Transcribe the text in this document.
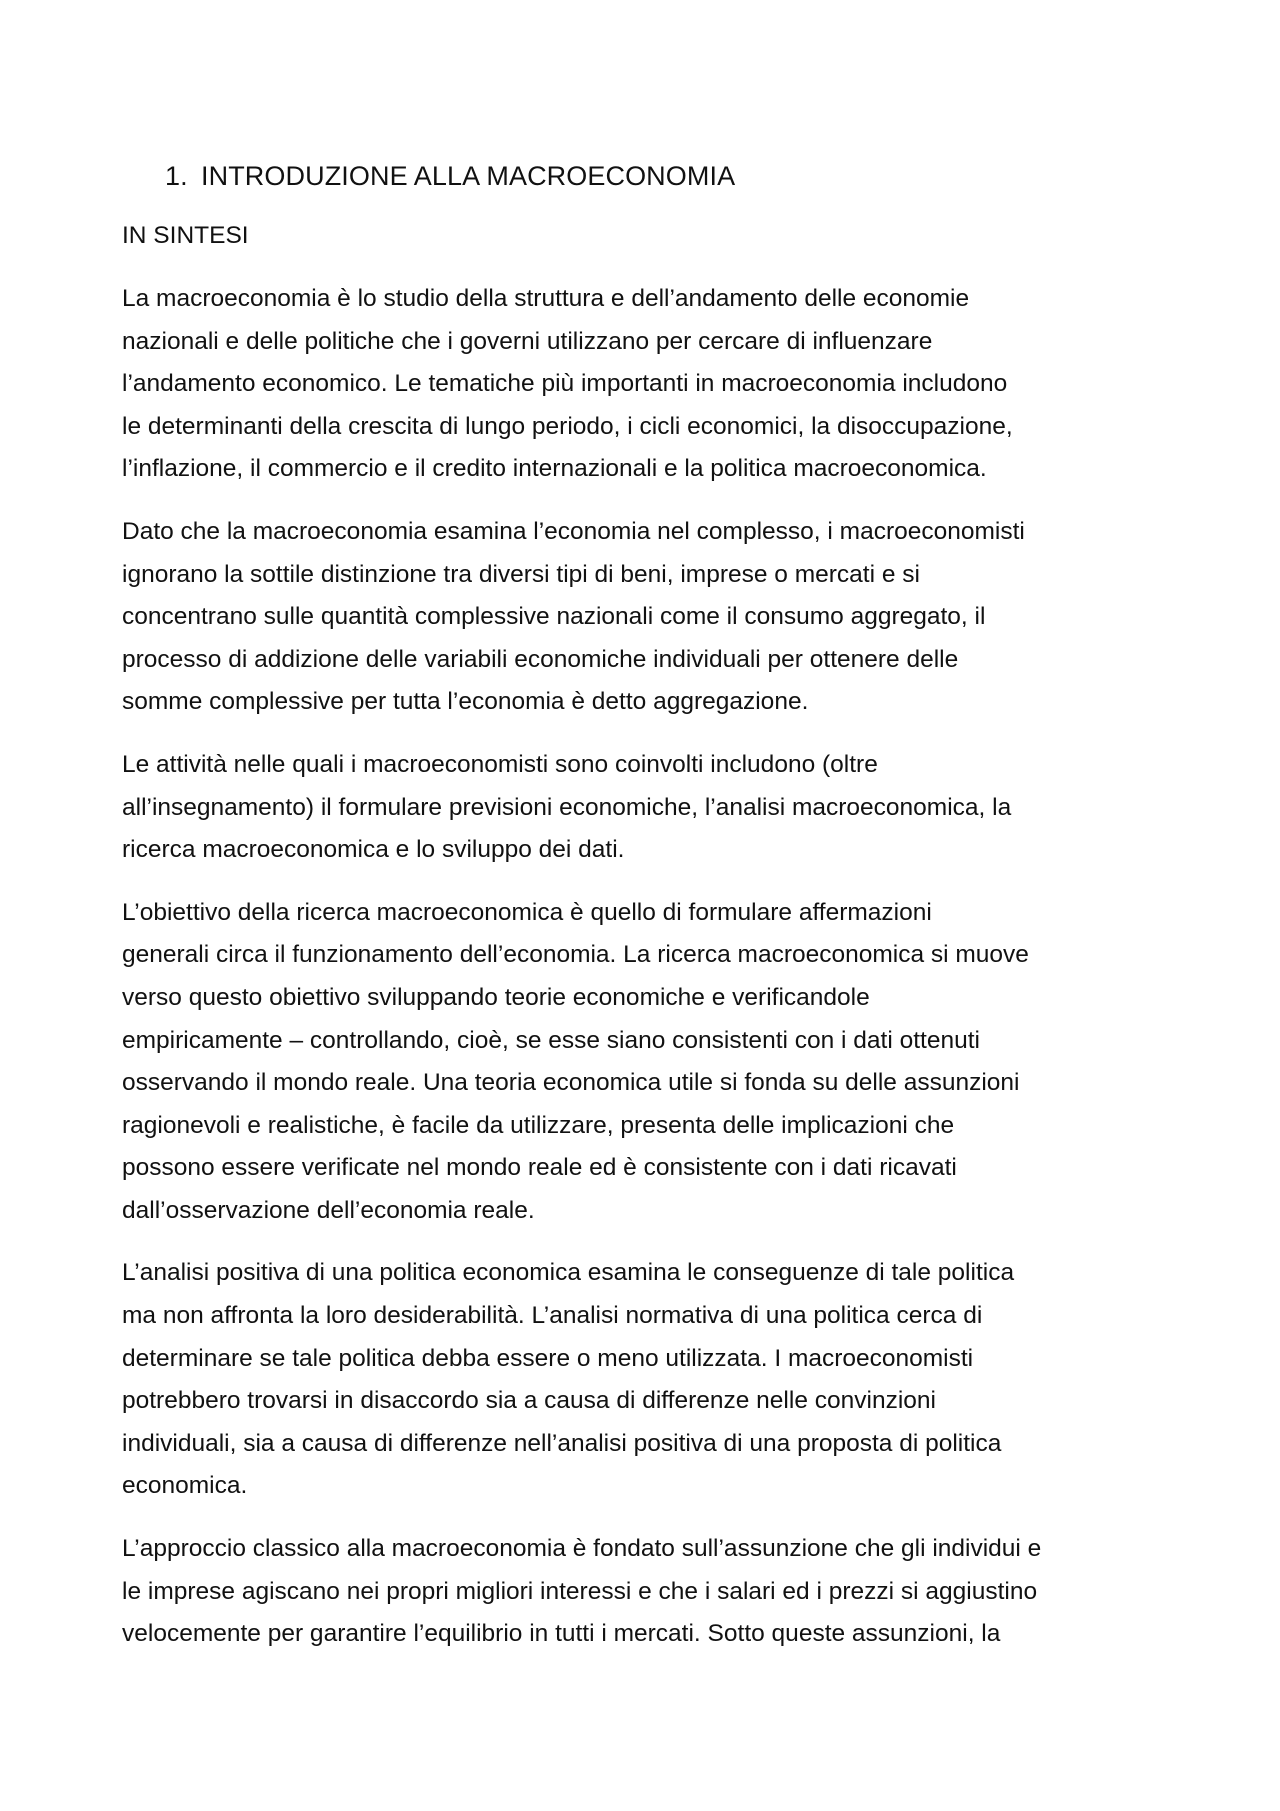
1. INTRODUZIONE ALLA MACROECONOMIA
IN SINTESI

La macroeconomia è lo studio della struttura e dell’andamento delle economie
nazionali e delle politiche che i governi utilizzano per cercare di influenzare
l’andamento economico. Le tematiche più importanti in macroeconomia includono
le determinanti della crescita di lungo periodo, i cicli economici, la disoccupazione,
l’inflazione, il commercio e il credito internazionali e la politica macroeconomica.

Dato che la macroeconomia esamina l’economia nel complesso, i macroeconomisti
ignorano la sottile distinzione tra diversi tipi di beni, imprese o mercati e si
concentrano sulle quantità complessive nazionali come il consumo aggregato, il
processo di addizione delle variabili economiche individuali per ottenere delle
somme complessive per tutta l’economia è detto aggregazione.

Le attività nelle quali i macroeconomisti sono coinvolti includono (oltre
all’insegnamento) il formulare previsioni economiche, l’analisi macroeconomica, la
ricerca macroeconomica e lo sviluppo dei dati.

L’obiettivo della ricerca macroeconomica è quello di formulare affermazioni
generali circa il funzionamento dell’economia. La ricerca macroeconomica si muove
verso questo obiettivo sviluppando teorie economiche e verificandole
empiricamente – controllando, cioè, se esse siano consistenti con i dati ottenuti
osservando il mondo reale. Una teoria economica utile si fonda su delle assunzioni
ragionevoli e realistiche, è facile da utilizzare, presenta delle implicazioni che
possono essere verificate nel mondo reale ed è consistente con i dati ricavati
dall’osservazione dell’economia reale.

L’analisi positiva di una politica economica esamina le conseguenze di tale politica
ma non affronta la loro desiderabilità. L’analisi normativa di una politica cerca di
determinare se tale politica debba essere o meno utilizzata. I macroeconomisti
potrebbero trovarsi in disaccordo sia a causa di differenze nelle convinzioni
individuali, sia a causa di differenze nell’analisi positiva di una proposta di politica
economica.

L’approccio classico alla macroeconomia è fondato sull’assunzione che gli individui e
le imprese agiscano nei propri migliori interessi e che i salari ed i prezzi si aggiustino
velocemente per garantire l’equilibrio in tutti i mercati. Sotto queste assunzioni, la
